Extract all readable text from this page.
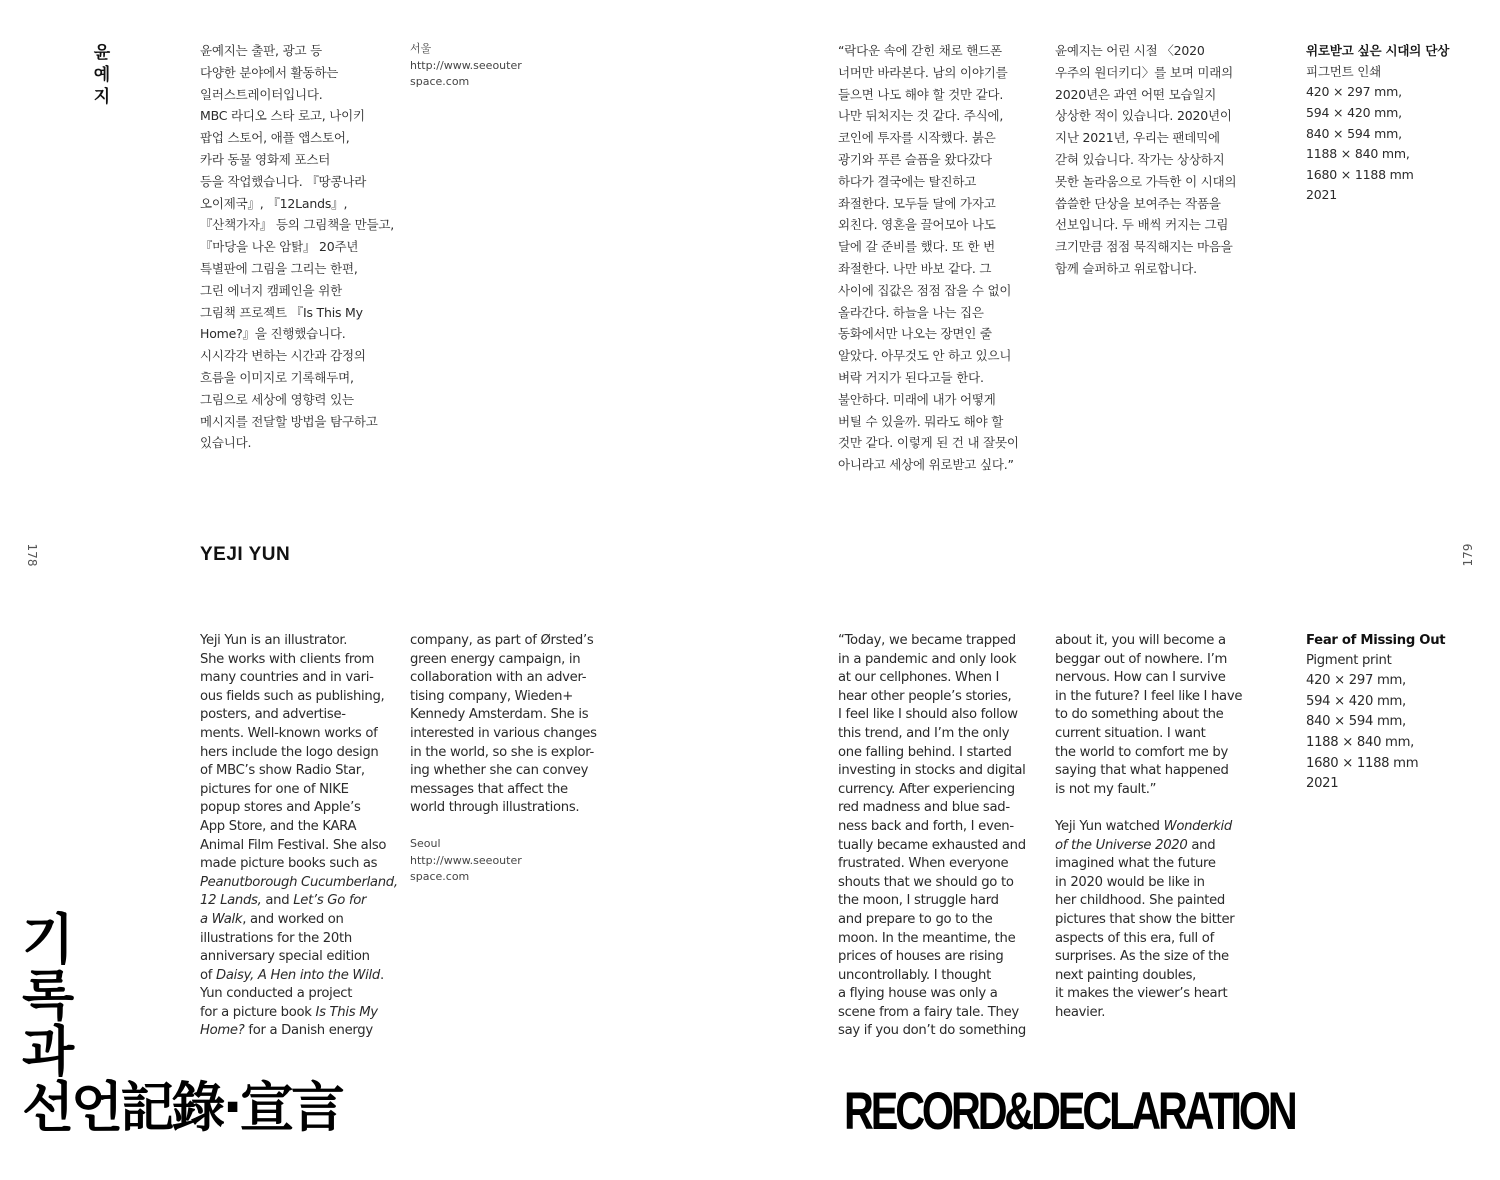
윤
예
지

윤예지는 출판, 광고 등
다양한 분야에서 활동하는
일러스트레이터입니다.
MBC 라디오 스타 로고, 나이키
팝업 스토어, 애플 앱스토어,
카라 동물 영화제 포스터
등을 작업했습니다. 『땅콩나라
오이제국』, 『12Lands』,
『산책가자』 등의 그림책을 만들고,
『마당을 나온 암탉』 20주년
특별판에 그림을 그리는 한편,
그린 에너지 캠페인을 위한
그림책 프로젝트 『Is This My
Home?』을 진행했습니다.
시시각각 변하는 시간과 감정의
흐름을 이미지로 기록해두며,
그림으로 세상에 영향력 있는
메시지를 전달할 방법을 탐구하고
있습니다.

서울

http://www.seeouter
space.com

178	YEJI YUN

Yeji Yun is an illustrator.
She works with clients from
many countries and in vari-
ous fields such as publishing,
posters, and advertise-
ments. Well-known works of
hers include the logo design
of MBC’s show Radio Star,
pictures for one of NIKE
popup stores and Apple’s
App Store, and the KARA
Animal Film Festival. She also
made picture books such as

Peanutborough Cucumberland,
12 Lands, and Let’s Go for
a Walk, and worked on
illustrations for the 20th
anniversary special edition
of Daisy, A Hen into the Wild.
Yun conducted a project
for a picture book Is This My
Home? for a Danish energy

company, as part of Ørsted’s
green energy campaign, in
collaboration with an adver-
tising company, Wieden+
Kennedy Amsterdam. She is
interested in various changes
in the world, so she is explor-
ing whether she can convey
messages that affect the
world through illustrations.

Seoul

http://www.seeouter
space.com

기
록
과
선언記錄·宣言

“락다운 속에 갇힌 채로 핸드폰
너머만 바라본다. 남의 이야기를
들으면 나도 해야 할 것만 같다.
나만 뒤처지는 것 같다. 주식에,
코인에 투자를 시작했다. 붉은
광기와 푸른 슬픔을 왔다갔다
하다가 결국에는 탈진하고
좌절한다. 모두들 달에 가자고
외친다. 영혼을 끌어모아 나도
달에 갈 준비를 했다. 또 한 번
좌절한다. 나만 바보 같다. 그
사이에 집값은 점점 잡을 수 없이
올라간다. 하늘을 나는 집은
동화에서만 나오는 장면인 줄
알았다. 아무것도 안 하고 있으니
벼락 거지가 된다고들 한다.
불안하다. 미래에 내가 어떻게
버틸 수 있을까. 뭐라도 해야 할
것만 같다. 이렇게 된 건 내 잘못이
아니라고 세상에 위로받고 싶다.”

윤예지는 어린 시절 〈2020
우주의 원더키디〉를 보며 미래의
2020년은 과연 어떤 모습일지
상상한 적이 있습니다. 2020년이
지난 2021년, 우리는 팬데믹에
갇혀 있습니다. 작가는 상상하지
못한 놀라움으로 가득한 이 시대의
씁쓸한 단상을 보여주는 작품을
선보입니다. 두 배씩 커지는 그림
크기만큼 점점 묵직해지는 마음을
함께 슬퍼하고 위로합니다.

위로받고 싶은 시대의 단상

피그먼트 인쇄
420 × 297 mm,
594 × 420 mm,
840 × 594 mm,
1188 × 840 mm,
1680 × 1188 mm
2021

179

“Today, we became trapped
in a pandemic and only look
at our cellphones. When I
hear other people’s stories,
I feel like I should also follow
this trend, and I’m the only
one falling behind. I started
investing in stocks and digital
currency. After experiencing
red madness and blue sad-
ness back and forth, I even-
tually became exhausted and
frustrated. When everyone
shouts that we should go to
the moon, I struggle hard
and prepare to go to the
moon. In the meantime, the
prices of houses are rising
uncontrollably. I thought
a flying house was only a
scene from a fairy tale. They
say if you don’t do something

about it, you will become a
beggar out of nowhere. I’m
nervous. How can I survive
in the future? I feel like I have
to do something about the
current situation. I want
the world to comfort me by
saying that what happened
is not my fault.”

Yeji Yun watched Wonderkid
of the Universe 2020 and
imagined what the future
in 2020 would be like in
her childhood. She painted
pictures that show the bitter
aspects of this era, full of
surprises. As the size of the
next painting doubles,
it makes the viewer’s heart
heavier.

Fear of Missing Out

Pigment print
420 × 297 mm,
594 × 420 mm,
840 × 594 mm,
1188 × 840 mm,
1680 × 1188 mm
2021

RECORD&DECLARATION
